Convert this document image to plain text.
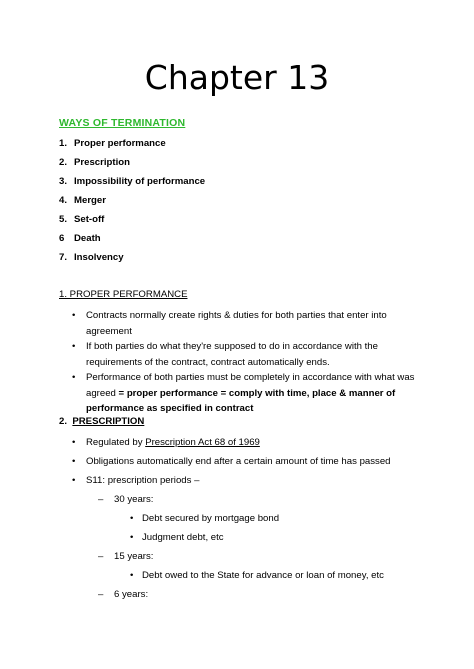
Chapter 13
WAYS OF TERMINATION
1. Proper performance
2. Prescription
3. Impossibility of performance
4. Merger
5. Set-off
6 Death
7. Insolvency
1. PROPER PERFORMANCE
• Contracts normally create rights & duties for both parties that enter into agreement
• If both parties do what they're supposed to do in accordance with the requirements of the contract, contract automatically ends.
• Performance of both parties must be completely in accordance with what was agreed = proper performance = comply with time, place & manner of performance as specified in contract
2. PRESCRIPTION
• Regulated by Prescription Act 68 of 1969
• Obligations automatically end after a certain amount of time has passed
• S11: prescription periods –
– 30 years:
• Debt secured by mortgage bond
• Judgment debt, etc
– 15 years:
• Debt owed to the State for advance or loan of money, etc
– 6 years:
